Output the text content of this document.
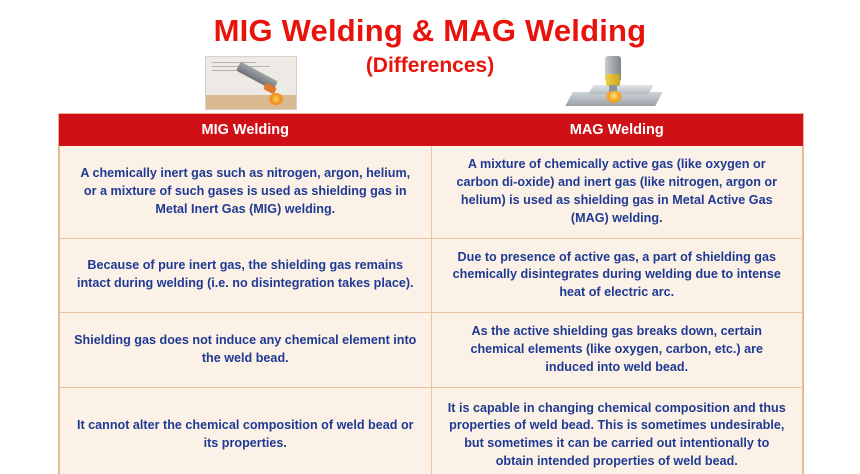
MIG Welding & MAG Welding
(Differences)
MIG Welding	MAG Welding
A chemically inert gas such as nitrogen, argon, helium, or a mixture of such gases is used as shielding gas in Metal Inert Gas (MIG) welding.	A mixture of chemically active gas (like oxygen or carbon di-oxide) and inert gas (like nitrogen, argon or helium) is used as shielding gas in Metal Active Gas (MAG) welding.
Because of pure inert gas, the shielding gas remains intact during welding (i.e. no disintegration takes place).	Due to presence of active gas, a part of shielding gas chemically disintegrates during welding due to intense heat of electric arc.
Shielding gas does not induce any chemical element into the weld bead.	As the active shielding gas breaks down, certain chemical elements (like oxygen, carbon, etc.) are induced into weld bead.
It cannot alter the chemical composition of weld bead or its properties.	It is capable in changing chemical composition and thus properties of weld bead. This is sometimes undesirable, but sometimes it can be carried out intentionally to obtain intended properties of weld bead.
